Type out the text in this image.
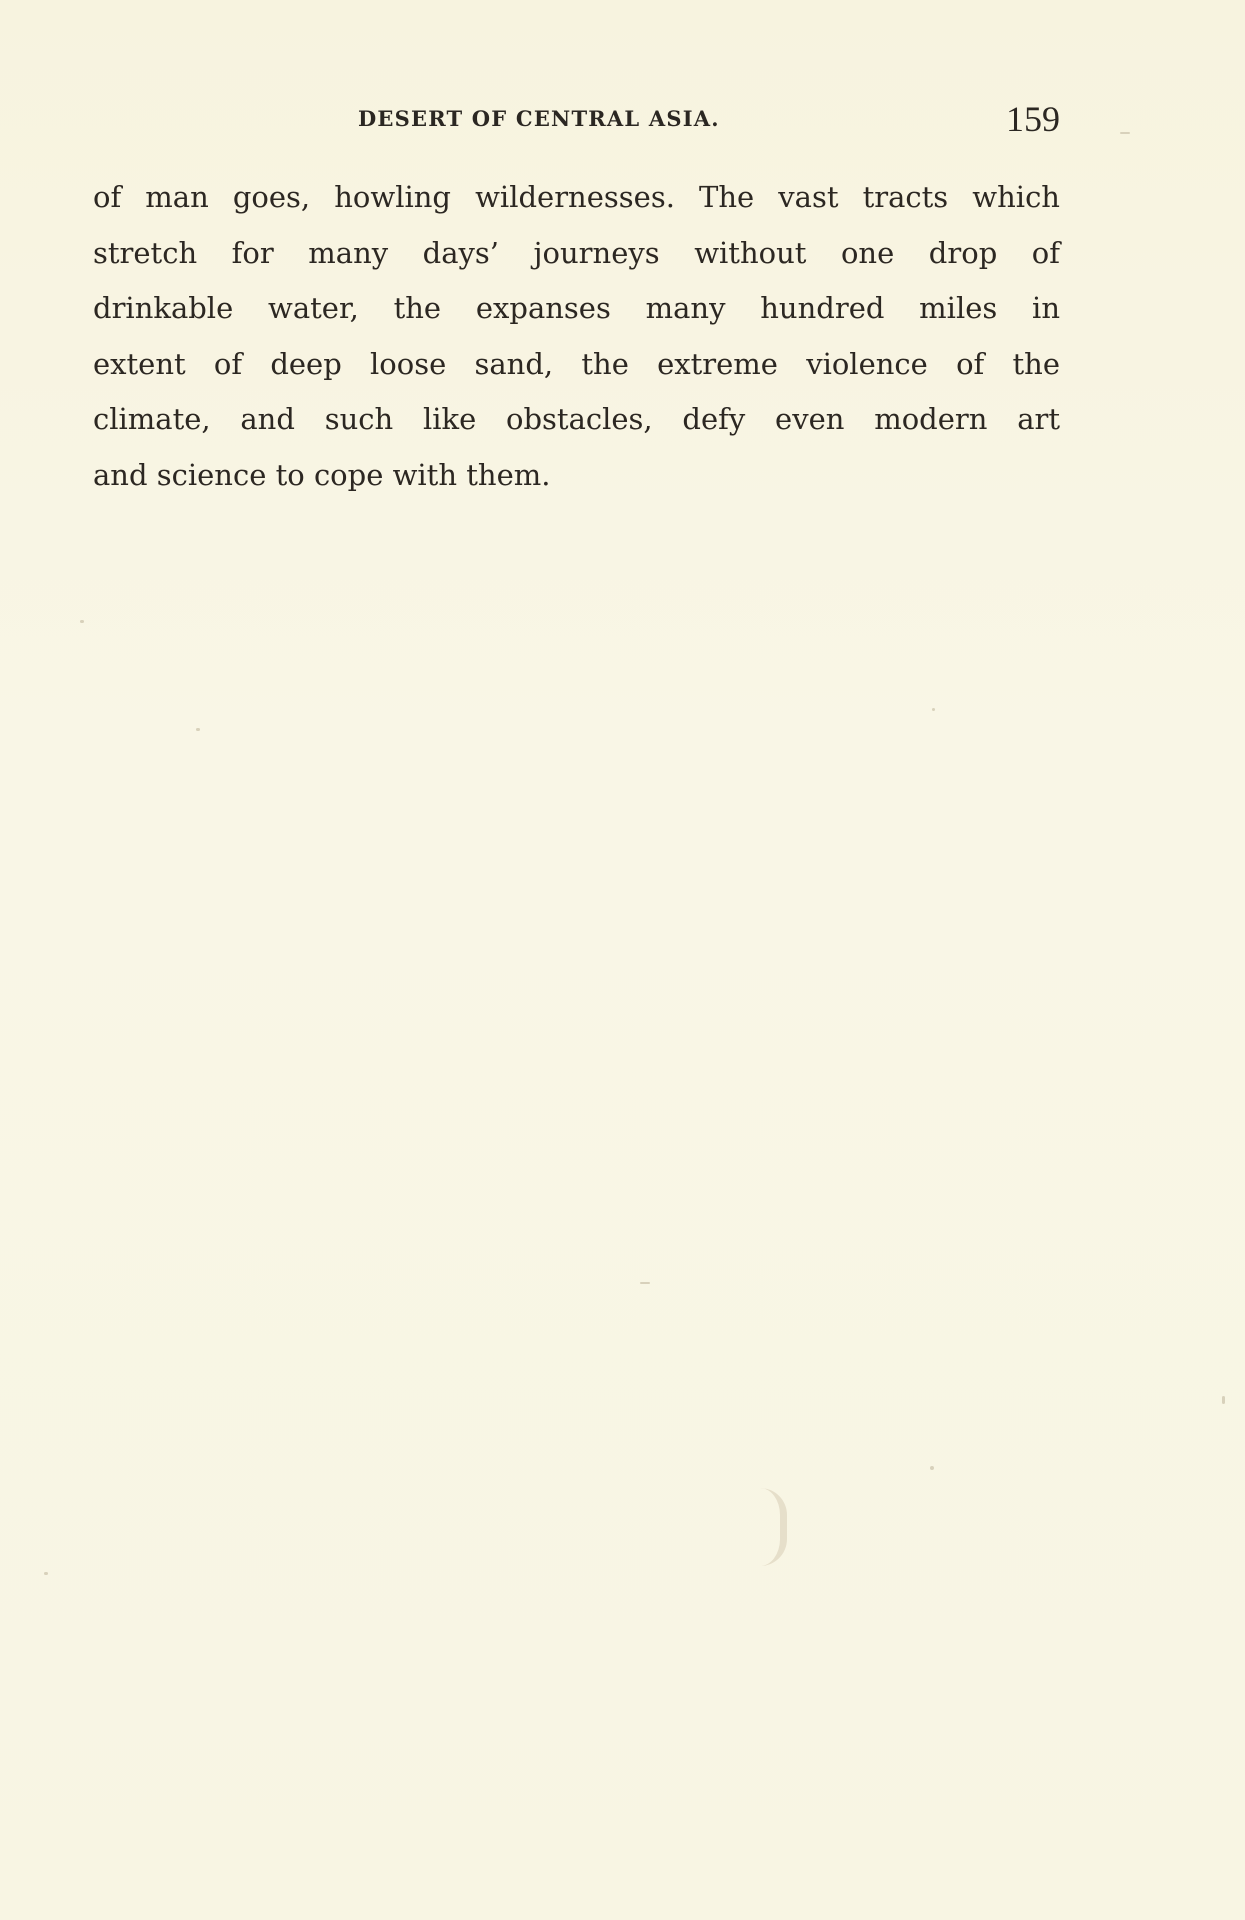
DESERT OF CENTRAL ASIA.	159
of man goes, howling wildernesses. The vast tracts which
stretch for many days’ journeys without one drop of
drinkable water, the expanses many hundred miles in
extent of deep loose sand, the extreme violence of the
climate, and such like obstacles, defy even modern art
and science to cope with them.
